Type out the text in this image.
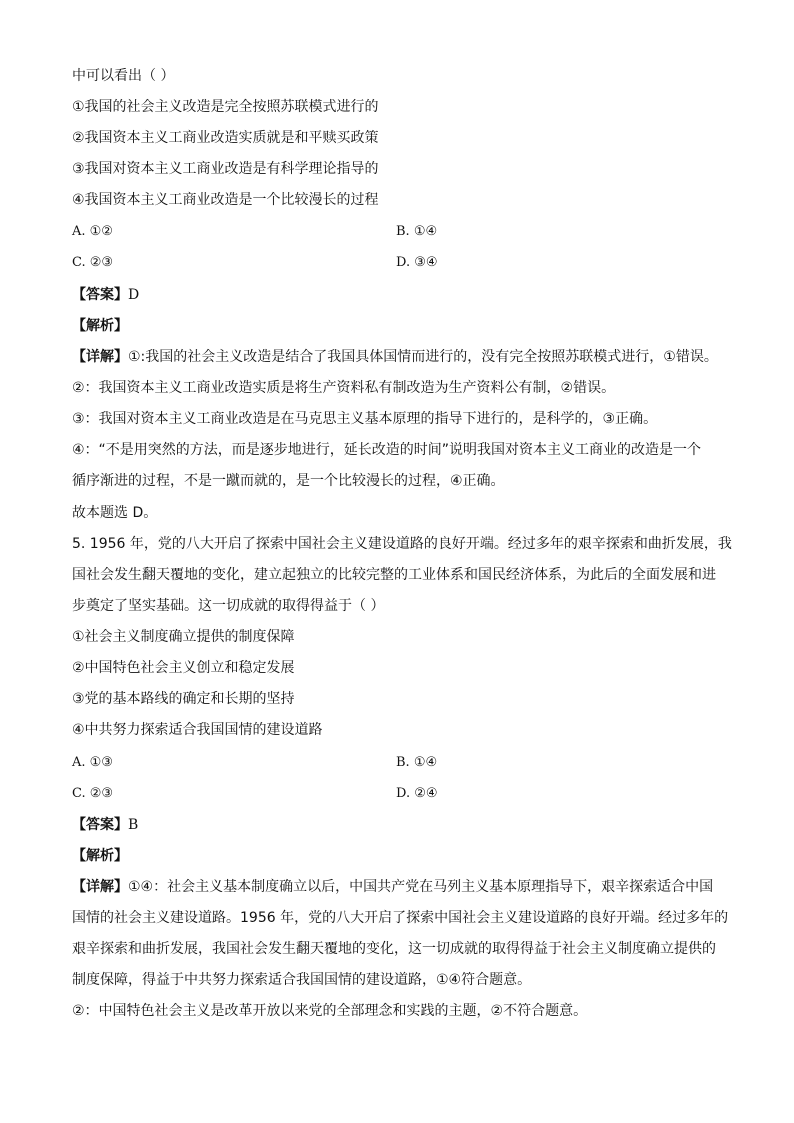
中可以看出（ ）
①我国的社会主义改造是完全按照苏联模式进行的
②我国资本主义工商业改造实质就是和平赎买政策
③我国对资本主义工商业改造是有科学理论指导的
④我国资本主义工商业改造是一个比较漫长的过程
A. ①②	B. ①④
C. ②③	D. ③④
【答案】D
【解析】
【详解】①:我国的社会主义改造是结合了我国具体国情而进行的，没有完全按照苏联模式进行，①错误。
②：我国资本主义工商业改造实质是将生产资料私有制改造为生产资料公有制，②错误。
③：我国对资本主义工商业改造是在马克思主义基本原理的指导下进行的，是科学的，③正确。
④：“不是用突然的方法，而是逐步地进行，延长改造的时间”说明我国对资本主义工商业的改造是一个
循序渐进的过程，不是一蹴而就的，是一个比较漫长的过程，④正确。
故本题选 D。
5. 1956 年，党的八大开启了探索中国社会主义建设道路的良好开端。经过多年的艰辛探索和曲折发展，我
国社会发生翻天覆地的变化，建立起独立的比较完整的工业体系和国民经济体系，为此后的全面发展和进
步奠定了坚实基础。这一切成就的取得得益于（ ）
①社会主义制度确立提供的制度保障
②中国特色社会主义创立和稳定发展
③党的基本路线的确定和长期的坚持
④中共努力探索适合我国国情的建设道路
A. ①③	B. ①④
C. ②③	D. ②④
【答案】B
【解析】
【详解】①④：社会主义基本制度确立以后，中国共产党在马列主义基本原理指导下，艰辛探索适合中国
国情的社会主义建设道路。1956 年，党的八大开启了探索中国社会主义建设道路的良好开端。经过多年的
艰辛探索和曲折发展，我国社会发生翻天覆地的变化，这一切成就的取得得益于社会主义制度确立提供的
制度保障，得益于中共努力探索适合我国国情的建设道路，①④符合题意。
②：中国特色社会主义是改革开放以来党的全部理念和实践的主题，②不符合题意。
